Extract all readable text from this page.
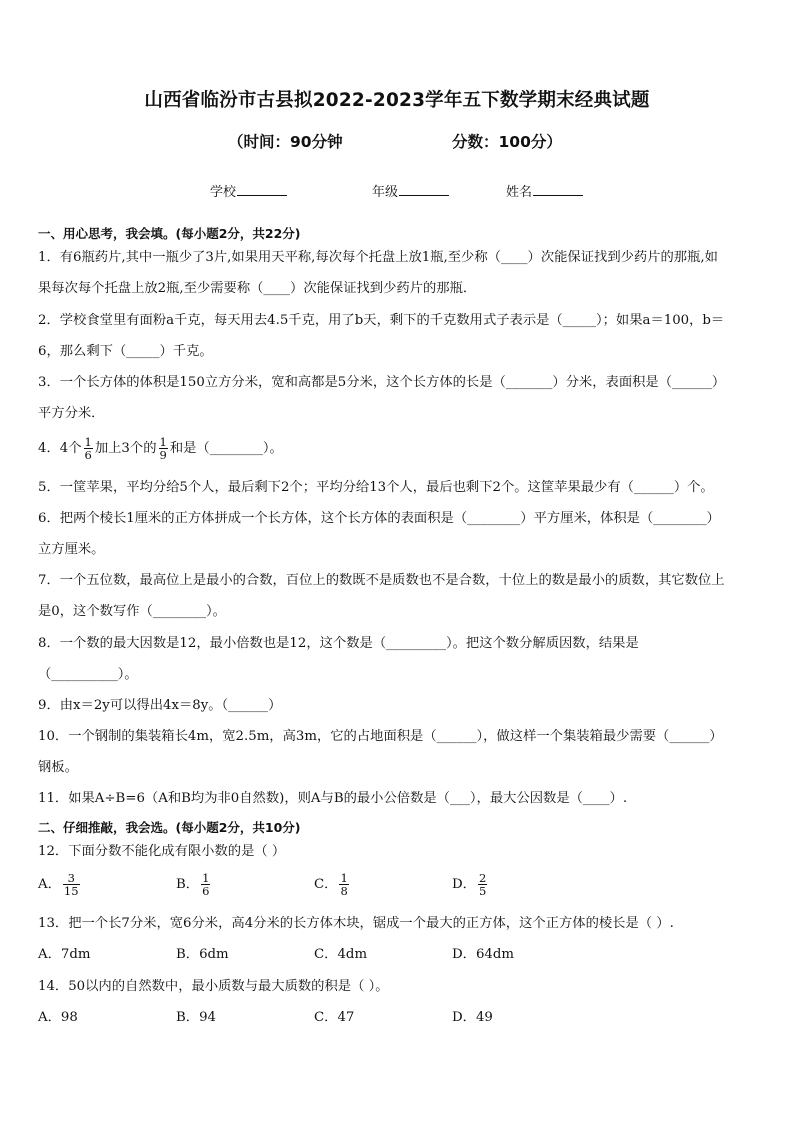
山西省临汾市古县拟2022-2023学年五下数学期末经典试题
（时间：90分钟	分数：100分）
学校	年级	姓名
一、用心思考，我会填。(每小题2分，共22分)
1．有6瓶药片,其中一瓶少了3片,如果用天平称,每次每个托盘上放1瓶,至少称（____）次能保证找到少药片的那瓶,如
果每次每个托盘上放2瓶,至少需要称（____）次能保证找到少药片的那瓶．
2．学校食堂里有面粉a千克，每天用去4.5千克，用了b天，剩下的千克数用式子表示是（_____）；如果a＝100，b＝
6，那么剩下（_____）千克。
3．一个长方体的体积是150立方分米，宽和高都是5分米，这个长方体的长是（_______）分米，表面积是（______）
平方分米．
4．4个 $\frac{1}{6}$ 加上3个的 $\frac{1}{9}$ 和是（________）。
5．一筐苹果，平均分给5个人，最后剩下2个；平均分给13个人，最后也剩下2个。这筐苹果最少有（______）个。
6．把两个棱长1厘米的正方体拼成一个长方体，这个长方体的表面积是（________）平方厘米，体积是（________）
立方厘米。
7．一个五位数，最高位上是最小的合数，百位上的数既不是质数也不是合数，十位上的数是最小的质数，其它数位上
是0，这个数写作（________）。
8．一个数的最大因数是12，最小倍数也是12，这个数是（_________）。把这个数分解质因数，结果是
（__________）。
9．由x＝2y可以得出4x＝8y。（______）
10．一个钢制的集装箱长4m，宽2.5m，高3m，它的占地面积是（______），做这样一个集装箱最少需要（______）
钢板。
11．如果A÷B=6（A和B均为非0自然数)，则A与B的最小公倍数是（___），最大公因数是（____）.
二、仔细推敲，我会选。(每小题2分，共10分)
12．下面分数不能化成有限小数的是（ ）
A． $\frac{3}{15}$	B． $\frac{1}{6}$	C． $\frac{1}{8}$	D． $\frac{2}{5}$
13．把一个长7分米，宽6分米，高4分米的长方体木块，锯成一个最大的正方体，这个正方体的棱长是（ ）.
A．7dm	B．6dm	C．4dm	D．64dm
14．50以内的自然数中，最小质数与最大质数的积是（ ）。
A．98	B．94	C．47	D．49
